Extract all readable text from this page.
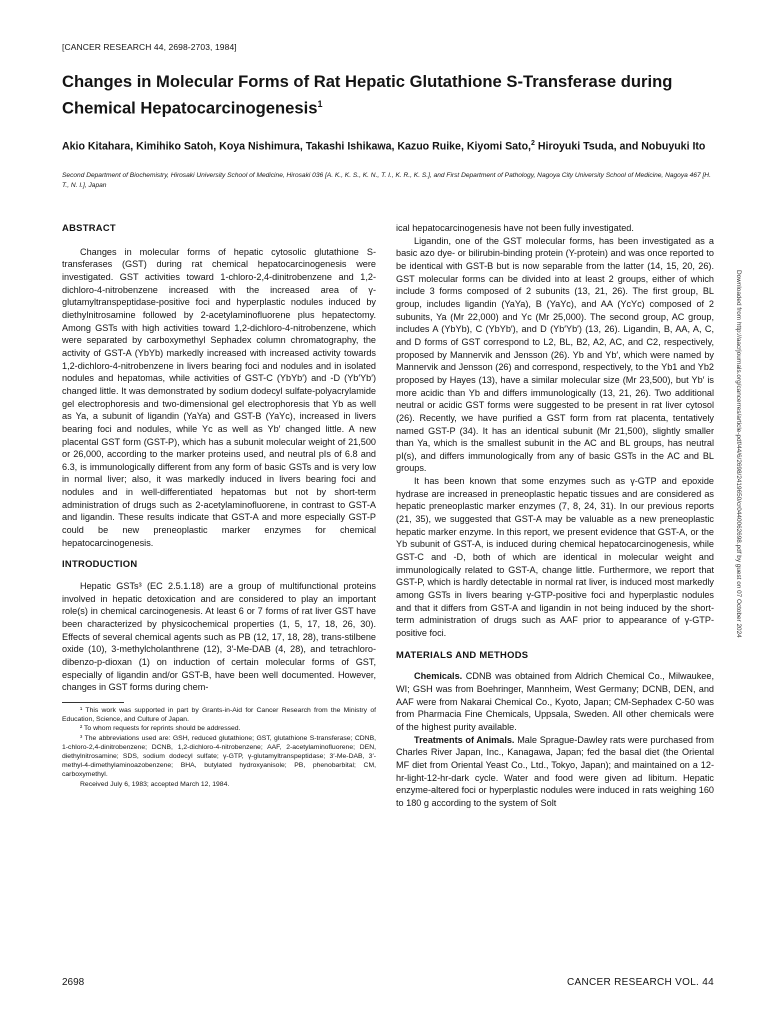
[CANCER RESEARCH 44, 2698-2703, 1984]
Changes in Molecular Forms of Rat Hepatic Glutathione S-Transferase during Chemical Hepatocarcinogenesis$^1$

Akio Kitahara, Kimihiko Satoh, Koya Nishimura, Takashi Ishikawa, Kazuo Ruike, Kiyomi Sato,$^2$ Hiroyuki Tsuda, and Nobuyuki Ito

Second Department of Biochemistry, Hirosaki University School of Medicine, Hirosaki 036 [A. K., K. S., K. N., T. I., K. R., K. S.], and First Department of Pathology, Nagoya City University School of Medicine, Nagoya 467 [H. T., N. I.], Japan

ABSTRACT

Changes in molecular forms of hepatic cytosolic glutathione S-transferases (GST) during rat chemical hepatocarcinogenesis were investigated. GST activities toward 1-chloro-2,4-dinitrobenzene and 1,2-dichloro-4-nitrobenzene increased with the increased area of γ-glutamyltranspeptidase-positive foci and hyperplastic nodules induced by diethylnitrosamine followed by 2-acetylaminofluorene plus hepatectomy. Among GSTs with high activities toward 1,2-dichloro-4-nitrobenzene, which were separated by carboxymethyl Sephadex column chromatography, the activity of GST-A (YbYb) markedly increased with increased activity towards 1,2-dichloro-4-nitrobenzene in livers bearing foci and nodules and in isolated nodules and hepatomas, while activities of GST-C (YbYb′) and -D (Yb′Yb′) changed little. It was demonstrated by sodium dodecyl sulfate-polyacrylamide gel electrophoresis and two-dimensional gel electrophoresis that Yb as well as Ya, a subunit of ligandin (YaYa) and GST-B (YaYc), increased in livers bearing foci and nodules, while Yc as well as Yb′ changed little. A new placental GST form (GST-P), which has a subunit molecular weight of 21,500 or 26,000, according to the marker proteins used, and neutral pIs of 6.8 and 6.3, is immunologically different from any form of basic GSTs and is very low in normal liver; also, it was markedly induced in livers bearing foci and nodules and in well-differentiated hepatomas but not by short-term administration of drugs such as 2-acetylaminofluorene, in contrast to GST-A and ligandin. These results indicate that GST-A and more especially GST-P could be new preneoplastic marker enzymes for chemical hepatocarcinogenesis.

INTRODUCTION

Hepatic GSTs³ (EC 2.5.1.18) are a group of multifunctional proteins involved in hepatic detoxication and are considered to play an important role(s) in chemical carcinogenesis. At least 6 or 7 forms of rat liver GST have been characterized by physicochemical properties (1, 5, 17, 18, 26, 30). Effects of several chemical agents such as PB (12, 17, 18, 28), trans-stilbene oxide (10), 3-methylcholanthrene (12), 3′-Me-DAB (4, 28), and tetrachloro-dibenzo-p-dioxan (1) on induction of certain molecular forms of GST, especially of ligandin and/or GST-B, have been well documented. However, changes in GST forms during chem-

¹ This work was supported in part by Grants-in-Aid for Cancer Research from the Ministry of Education, Science, and Culture of Japan.

² To whom requests for reprints should be addressed.

³ The abbreviations used are: GSH, reduced glutathione; GST, glutathione S-transferase; CDNB, 1-chloro-2,4-dinitrobenzene; DCNB, 1,2-dichloro-4-nitrobenzene; AAF, 2-acetylaminofluorene; DEN, diethylnitrosamine; SDS, sodium dodecyl sulfate; γ-GTP, γ-glutamyltranspeptidase; 3′-Me-DAB, 3′-methyl-4-dimethylaminoazobenzene; BHA, butylated hydroxyanisole; PB, phenobarbital; CM, carboxymethyl.

Received July 6, 1983; accepted March 12, 1984.

ical hepatocarcinogenesis have not been fully investigated.

Ligandin, one of the GST molecular forms, has been investigated as a basic azo dye- or bilirubin-binding protein (Y-protein) and was once reported to be identical with GST-B but is now separable from the latter (14, 15, 20, 26). GST molecular forms can be divided into at least 2 groups, either of which include 3 forms composed of 2 subunits (13, 21, 26). The first group, BL group, includes ligandin (YaYa), B (YaYc), and AA (YcYc) composed of 2 subunits, Ya (Mr 22,000) and Yc (Mr 25,000). The second group, AC group, includes A (YbYb), C (YbYb′), and D (Yb′Yb′) (13, 26). Ligandin, B, AA, A, C, and D forms of GST correspond to L2, BL, B2, A2, AC, and C2, respectively, proposed by Mannervik and Jensson (26). Yb and Yb′, which were named by Mannervik and Jensson (26) and correspond, respectively, to the Yb1 and Yb2 proposed by Hayes (13), have a similar molecular size (Mr 23,500), but Yb′ is more acidic than Yb and differs immunologically (13, 21, 26). Two additional neutral or acidic GST forms were suggested to be present in rat liver cytosol (26). Recently, we have purified a GST form from rat placenta, tentatively named GST-P (34). It has an identical subunit (Mr 21,500), slightly smaller than Ya, which is the smallest subunit in the AC and BL groups, has neutral pI(s), and differs immunologically from any of basic GSTs in the AC and BL groups.

It has been known that some enzymes such as γ-GTP and epoxide hydrase are increased in preneoplastic hepatic tissues and are considered as hepatic preneoplastic marker enzymes (7, 8, 24, 31). In our previous reports (21, 35), we suggested that GST-A may be valuable as a new preneoplastic hepatic marker enzyme. In this report, we present evidence that GST-A, or the Yb subunit of GST-A, is induced during chemical hepatocarcinogenesis, while GST-C and -D, both of which are identical in molecular weight and immunologically related to GST-A, change little. Furthermore, we report that GST-P, which is hardly detectable in normal rat liver, is induced most markedly among GSTs in livers bearing γ-GTP-positive foci and hyperplastic nodules and that it differs from GST-A and ligandin in not being induced by the short-term administration of drugs such as AAF prior to appearance of γ-GTP-positive foci.

MATERIALS AND METHODS

Chemicals. CDNB was obtained from Aldrich Chemical Co., Milwaukee, WI; GSH was from Boehringer, Mannheim, West Germany; DCNB, DEN, and AAF were from Nakarai Chemical Co., Kyoto, Japan; CM-Sephadex C-50 was from Pharmacia Fine Chemicals, Uppsala, Sweden. All other chemicals were of the highest purity available.

Treatments of Animals. Male Sprague-Dawley rats were purchased from Charles River Japan, Inc., Kanagawa, Japan; fed the basal diet (the Oriental MF diet from Oriental Yeast Co., Ltd., Tokyo, Japan); and maintained on a 12-hr-light-12-hr-dark cycle. Water and food were given ad libitum. Hepatic enzyme-altered foci or hyperplastic nodules were induced in rats weighing 160 to 180 g according to the system of Solt

2698	CANCER RESEARCH VOL. 44
Downloaded from http://aacrjournals.org/cancerres/article-pdf/44/6/2698/2419650/cr0440062698.pdf by guest on 07 October 2024
